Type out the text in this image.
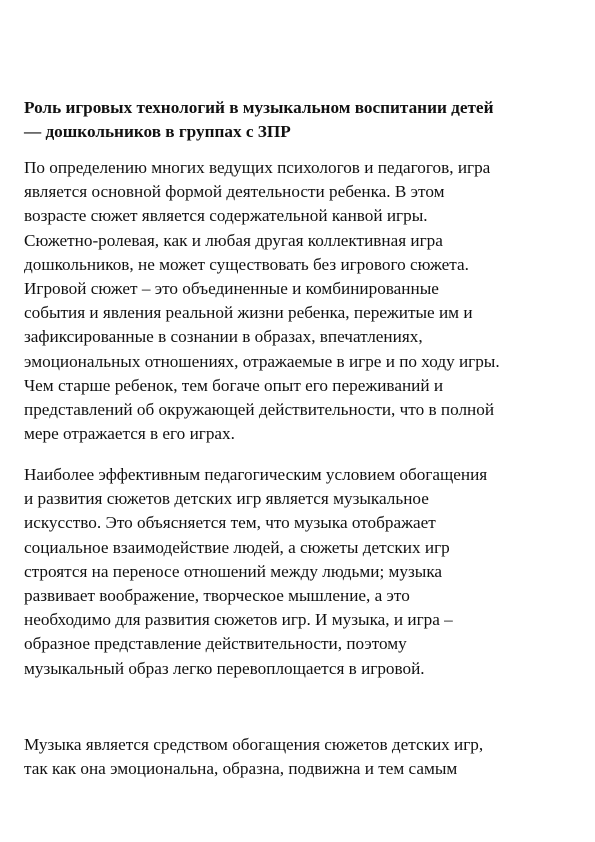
Роль игровых технологий в музыкальном воспитании детей
— дошкольников в группах с ЗПР

По определению многих ведущих психологов и педагогов, игра
является основной формой деятельности ребенка. В этом
возрасте сюжет является содержательной канвой игры.
Сюжетно-ролевая, как и любая другая коллективная игра
дошкольников, не может существовать без игрового сюжета.
Игровой сюжет – это объединенные и комбинированные
события и явления реальной жизни ребенка, пережитые им и
зафиксированные в сознании в образах, впечатлениях,
эмоциональных отношениях, отражаемые в игре и по ходу игры.
Чем старше ребенок, тем богаче опыт его переживаний и
представлений об окружающей действительности, что в полной
мере отражается в его играх.

Наиболее эффективным педагогическим условием обогащения
и развития сюжетов детских игр является музыкальное
искусство. Это объясняется тем, что музыка отображает
социальное взаимодействие людей, а сюжеты детских игр
строятся на переносе отношений между людьми; музыка
развивает воображение, творческое мышление, а это
необходимо для развития сюжетов игр. И музыка, и игра –
образное представление действительности, поэтому
музыкальный образ легко перевоплощается в игровой.

Музыка является средством обогащения сюжетов детских игр,
так как она эмоциональна, образна, подвижна и тем самым
